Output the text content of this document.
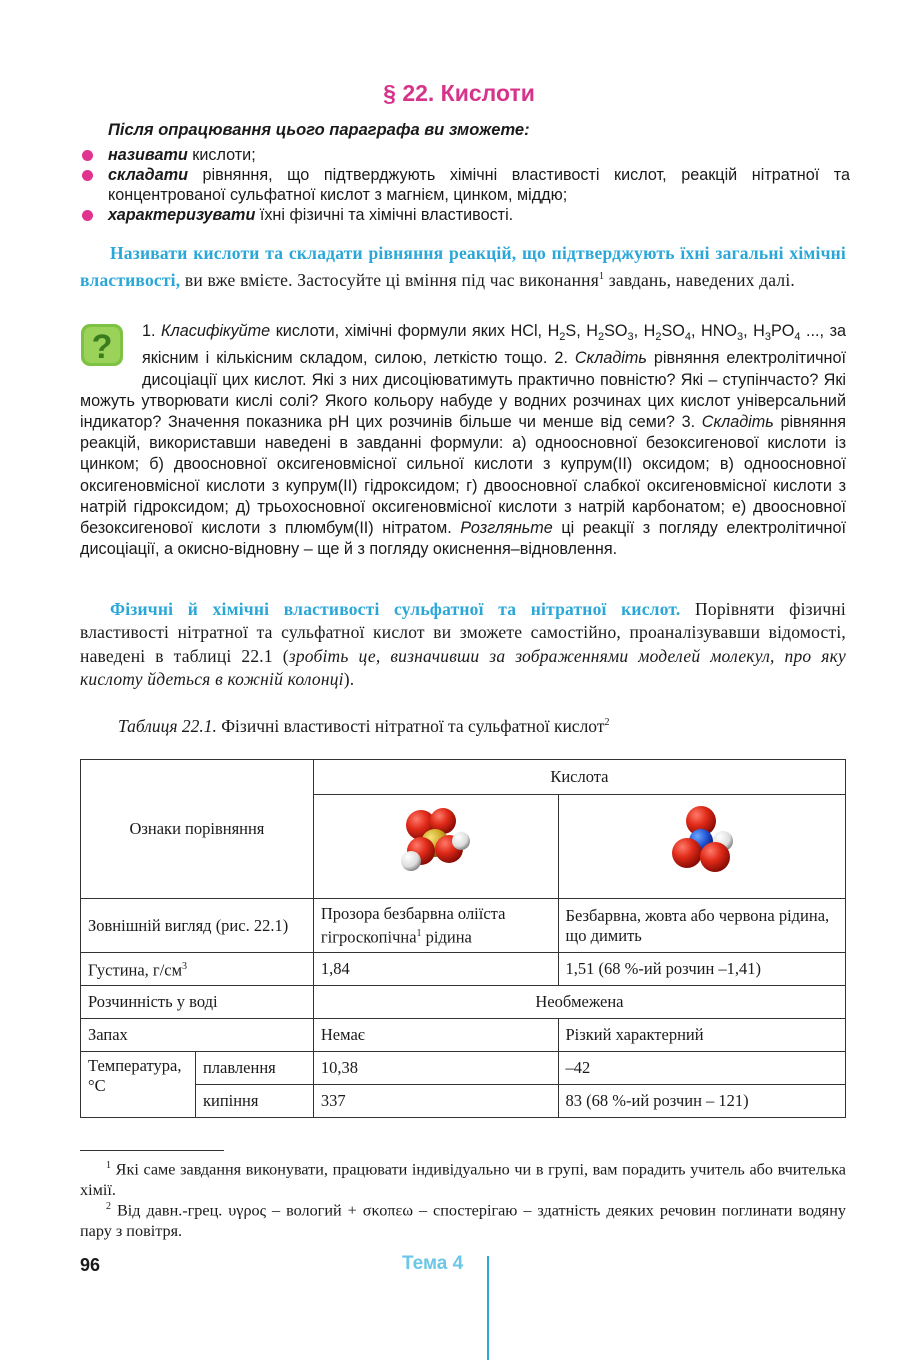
§ 22. Кислоти
Після опрацювання цього параграфа ви зможете:
називати кислоти;
складати рівняння, що підтверджують хімічні властивості кислот, реакцій нітратної та концентрованої сульфатної кислот з магнієм, цинком, міддю;
характеризувати їхні фізичні та хімічні властивості.
Називати кислоти та складати рівняння реакцій, що підтверджують їхні загальні хімічні властивості, ви вже вмієте. Застосуйте ці вміння під час виконання$^1$ завдань, наведених далі.
?	1. Класифікуйте кислоти, хімічні формули яких HCl, $H_2S$, $H_2SO_3$, $H_2SO_4$, $HNO_3$, $H_3PO_4$ ..., за якісним і кількісним складом, силою, леткістю тощо. 2. Складіть рівняння електролітичної дисоціації цих кислот. Які з них дисоціюватимуть практично повністю? Які – ступінчасто? Які можуть утворювати кислі солі? Якого кольору набуде у водних розчинах цих кислот універсальний індикатор? Значення показника pH цих розчинів більше чи менше від семи? 3. Складіть рівняння реакцій, використавши наведені в завданні формули: а) одноосновної безоксигенової кислоти із цинком; б) двоосновної оксигеновмісної сильної кислоти з купрум(ІІ) оксидом; в) одноосновної оксигеновмісної кислоти з купрум(ІІ) гідроксидом; г) двоосновної слабкої оксигеновмісної кислоти з натрій гідроксидом; д) трьохосновної оксигеновмісної кислоти з натрій карбонатом; е) двоосновної безоксигенової кислоти з плюмбум(ІІ) нітратом. Розгляньте ці реакції з погляду електролітичної дисоціації, а окисно-відновну – ще й з погляду окиснення–відновлення.
Фізичні й хімічні властивості сульфатної та нітратної кислот. Порівняти фізичні властивості нітратної та сульфатної кислот ви зможете самостійно, проаналізувавши відомості, наведені в таблиці 22.1 (зробіть це, визначивши за зображеннями моделей молекул, про яку кислоту йдеться в кожній колонці).
Таблиця 22.1. Фізичні властивості нітратної та сульфатної кислот$^2$
Ознаки порівняння		Кислота	

Зовнішній вигляд (рис. 22.1)		Прозора безбарвна оліїста гігроскопічна$^1$ рідина	Безбарвна, жовта або червона рідина, що димить
Густина, $г/см^3$		1,84	1,51 (68 %-ий розчин –1,41)
Розчинність у воді		Необмежена	
Запах		Немає	Різкий характерний
Температура, °С	плавлення	10,38	–42
	кипіння	337	83 (68 %-ий розчин – 121)
$^1$ Які саме завдання виконувати, працювати індивідуально чи в групі, вам порадить учитель або вчителька хімії.
$^2$ Від давн.-грец. υγρος – вологий + σκοπεω – спостерігаю – здатність деяких речовин поглинати водяну пару з повітря.
96	Тема 4
